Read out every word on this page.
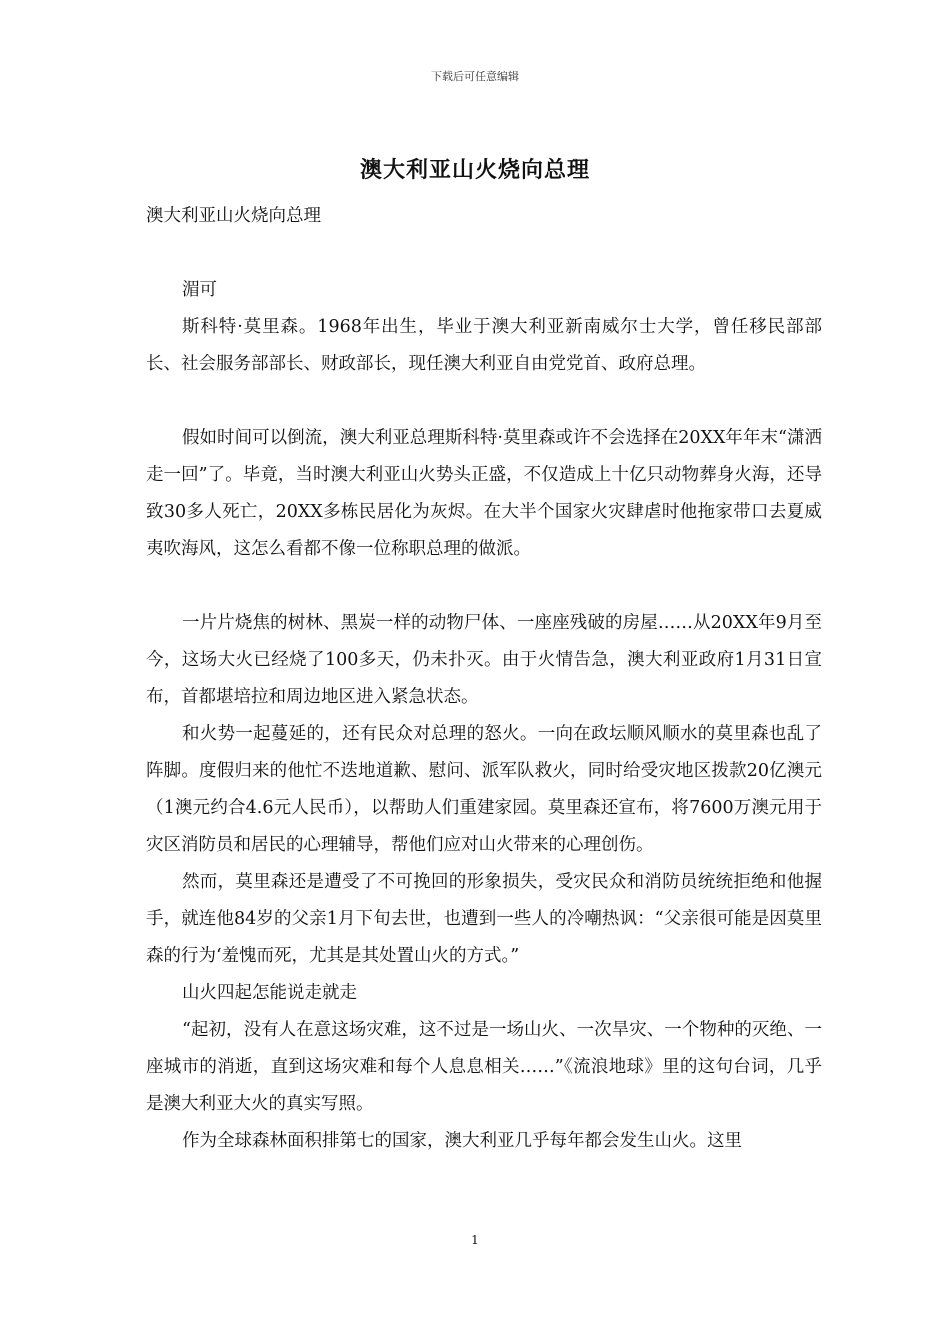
下载后可任意编辑
澳大利亚山火烧向总理

澳大利亚山火烧向总理

湄可

斯科特·莫里森。1968年出生，毕业于澳大利亚新南威尔士大学，曾任移民部部长、社会服务部部长、财政部长，现任澳大利亚自由党党首、政府总理。

假如时间可以倒流，澳大利亚总理斯科特·莫里森或许不会选择在20XX年年末“潇洒走一回”了。毕竟，当时澳大利亚山火势头正盛，不仅造成上十亿只动物葬身火海，还导致30多人死亡，20XX多栋民居化为灰烬。在大半个国家火灾肆虐时他拖家带口去夏威夷吹海风，这怎么看都不像一位称职总理的做派。

一片片烧焦的树林、黑炭一样的动物尸体、一座座残破的房屋……从20XX年9月至今，这场大火已经烧了100多天，仍未扑灭。由于火情告急，澳大利亚政府1月31日宣布，首都堪培拉和周边地区进入紧急状态。

和火势一起蔓延的，还有民众对总理的怒火。一向在政坛顺风顺水的莫里森也乱了阵脚。度假归来的他忙不迭地道歉、慰问、派军队救火，同时给受灾地区拨款20亿澳元（1澳元约合4.6元人民币），以帮助人们重建家园。莫里森还宣布，将7600万澳元用于灾区消防员和居民的心理辅导，帮他们应对山火带来的心理创伤。

然而，莫里森还是遭受了不可挽回的形象损失，受灾民众和消防员统统拒绝和他握手，就连他84岁的父亲1月下旬去世，也遭到一些人的冷嘲热讽：“父亲很可能是因莫里森的行为‘羞愧而死，尤其是其处置山火的方式。”

山火四起怎能说走就走

“起初，没有人在意这场灾难，这不过是一场山火、一次旱灾、一个物种的灭绝、一座城市的消逝，直到这场灾难和每个人息息相关……”《流浪地球》里的这句台词，几乎是澳大利亚大火的真实写照。

作为全球森林面积排第七的国家，澳大利亚几乎每年都会发生山火。这里

1
